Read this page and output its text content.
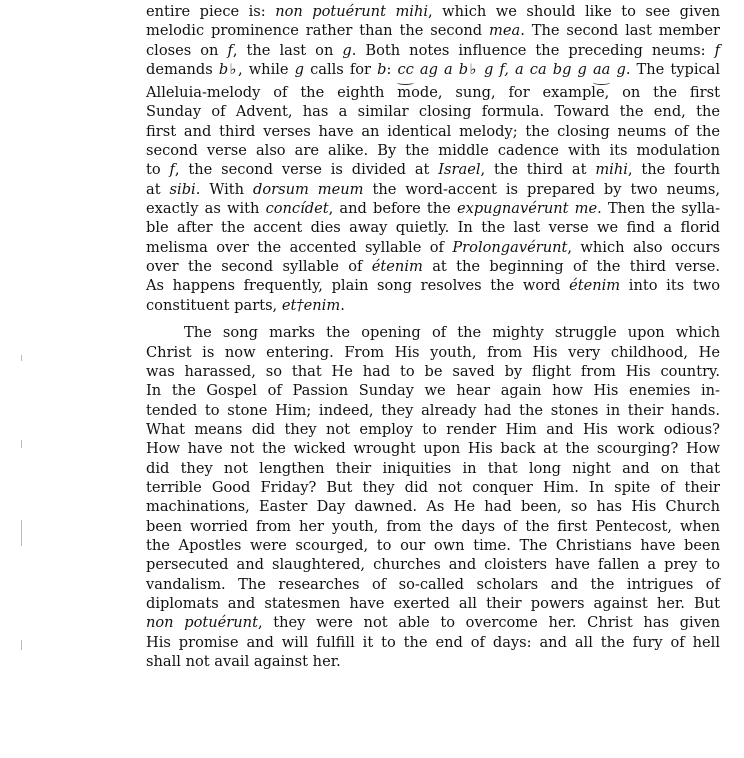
entire piece is: non potuérunt mihi, which we should like to see given
melodic prominence rather than the second mea. The second last member
closes on f, the last on g. Both notes influence the preceding neums: f
demands b♭, while g calls for b: cc ag a b♭ g f, a ca bg g aa g. The typical
Alleluia-melody of the eighth mode, sung, for example, on the first
Sunday of Advent, has a similar closing formula. Toward the end, the
first and third verses have an identical melody; the closing neums of the
second verse also are alike. By the middle cadence with its modulation
to f, the second verse is divided at Israel, the third at mihi, the fourth
at sibi. With dorsum meum the word-accent is prepared by two neums,
exactly as with concídet, and before the expugnavérunt me. Then the sylla-
ble after the accent dies away quietly. In the last verse we find a florid
melisma over the accented syllable of Prolongavérunt, which also occurs
over the second syllable of étenim at the beginning of the third verse.
As happens frequently, plain song resolves the word étenim into its two
constituent parts, et†enim.
The song marks the opening of the mighty struggle upon which
Christ is now entering. From His youth, from His very childhood, He
was harassed, so that He had to be saved by flight from His country.
In the Gospel of Passion Sunday we hear again how His enemies in-
tended to stone Him; indeed, they already had the stones in their hands.
What means did they not employ to render Him and His work odious?
How have not the wicked wrought upon His back at the scourging? How
did they not lengthen their iniquities in that long night and on that
terrible Good Friday? But they did not conquer Him. In spite of their
machinations, Easter Day dawned. As He had been, so has His Church
been worried from her youth, from the days of the first Pentecost, when
the Apostles were scourged, to our own time. The Christians have been
persecuted and slaughtered, churches and cloisters have fallen a prey to
vandalism. The researches of so-called scholars and the intrigues of
diplomats and statesmen have exerted all their powers against her. But
non potuérunt, they were not able to overcome her. Christ has given
His promise and will fulfill it to the end of days: and all the fury of hell
shall not avail against her.
